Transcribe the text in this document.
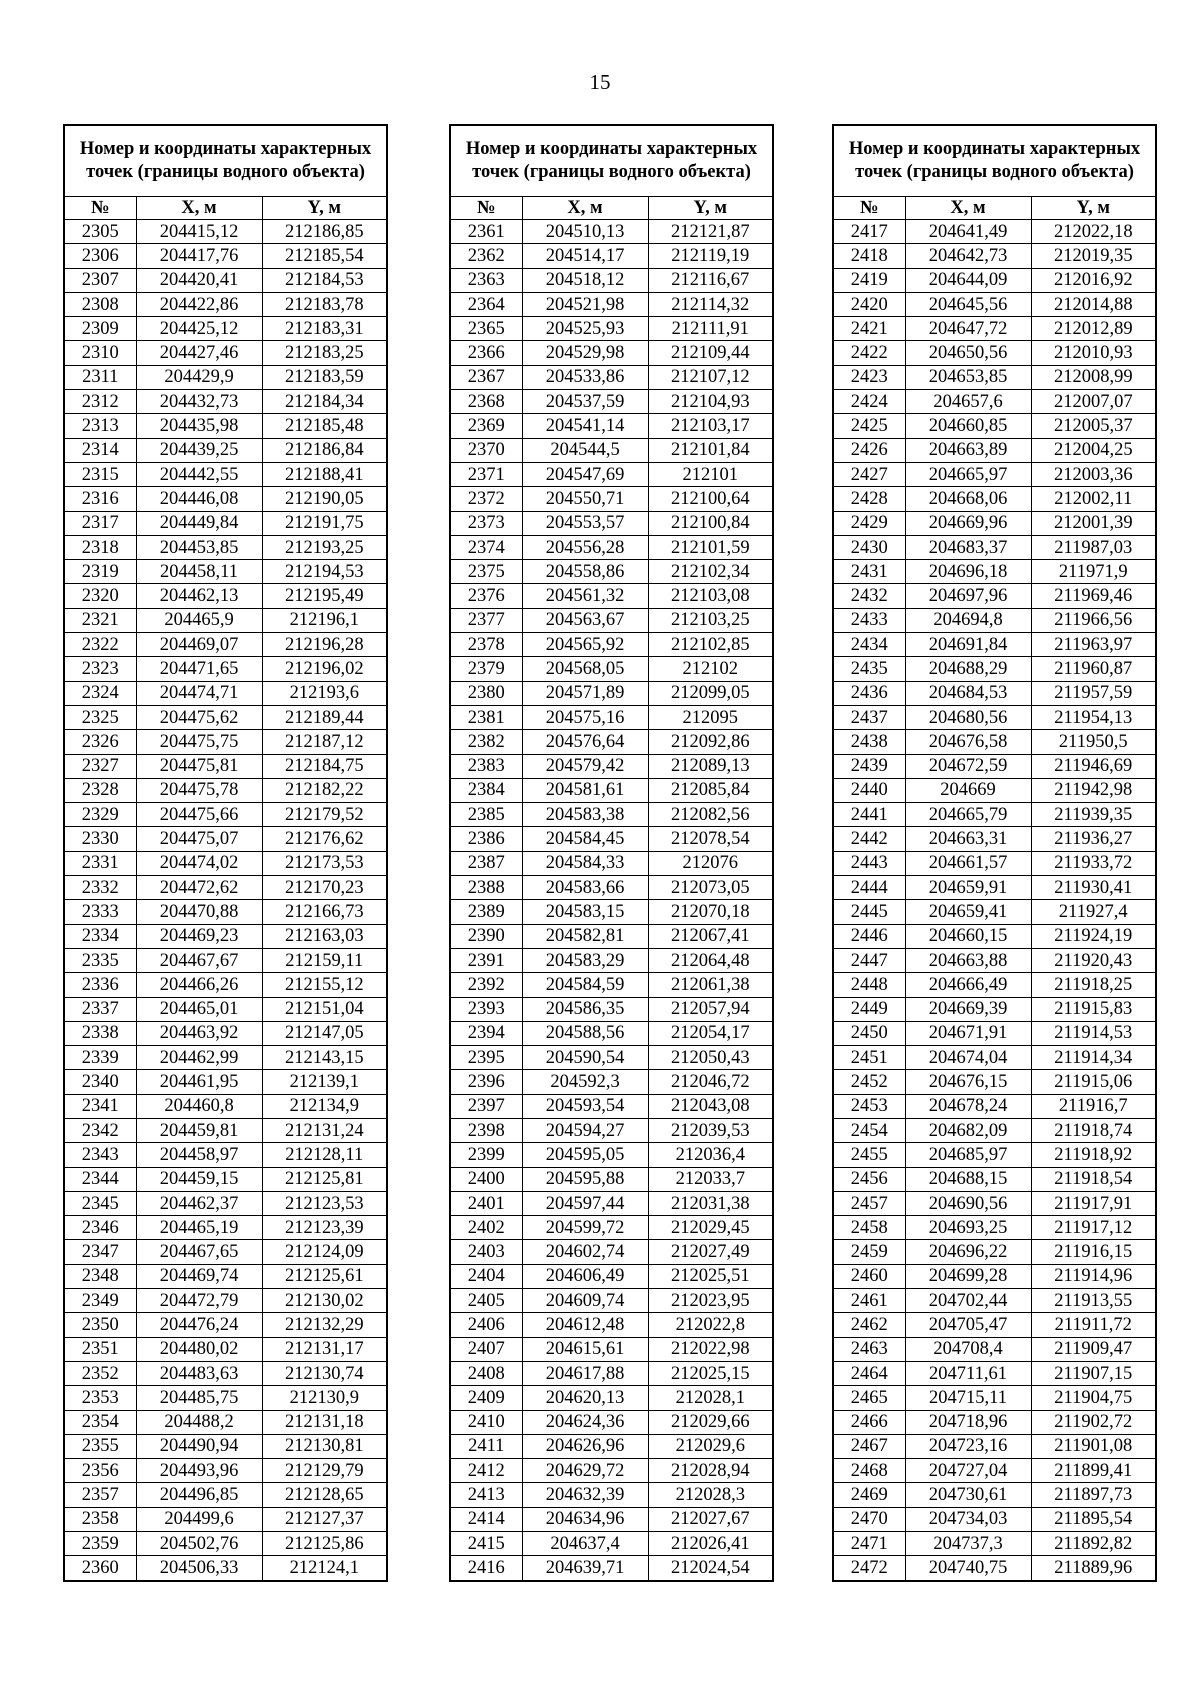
15
Номер и координаты характерных точек (границы водного объекта)		
№	X, м	Y, м
2305	204415,12	212186,85
2306	204417,76	212185,54
2307	204420,41	212184,53
2308	204422,86	212183,78
2309	204425,12	212183,31
2310	204427,46	212183,25
2311	204429,9	212183,59
2312	204432,73	212184,34
2313	204435,98	212185,48
2314	204439,25	212186,84
2315	204442,55	212188,41
2316	204446,08	212190,05
2317	204449,84	212191,75
2318	204453,85	212193,25
2319	204458,11	212194,53
2320	204462,13	212195,49
2321	204465,9	212196,1
2322	204469,07	212196,28
2323	204471,65	212196,02
2324	204474,71	212193,6
2325	204475,62	212189,44
2326	204475,75	212187,12
2327	204475,81	212184,75
2328	204475,78	212182,22
2329	204475,66	212179,52
2330	204475,07	212176,62
2331	204474,02	212173,53
2332	204472,62	212170,23
2333	204470,88	212166,73
2334	204469,23	212163,03
2335	204467,67	212159,11
2336	204466,26	212155,12
2337	204465,01	212151,04
2338	204463,92	212147,05
2339	204462,99	212143,15
2340	204461,95	212139,1
2341	204460,8	212134,9
2342	204459,81	212131,24
2343	204458,97	212128,11
2344	204459,15	212125,81
2345	204462,37	212123,53
2346	204465,19	212123,39
2347	204467,65	212124,09
2348	204469,74	212125,61
2349	204472,79	212130,02
2350	204476,24	212132,29
2351	204480,02	212131,17
2352	204483,63	212130,74
2353	204485,75	212130,9
2354	204488,2	212131,18
2355	204490,94	212130,81
2356	204493,96	212129,79
2357	204496,85	212128,65
2358	204499,6	212127,37
2359	204502,76	212125,86
2360	204506,33	212124,1
Номер и координаты характерных точек (границы водного объекта)		
№	X, м	Y, м
2361	204510,13	212121,87
2362	204514,17	212119,19
2363	204518,12	212116,67
2364	204521,98	212114,32
2365	204525,93	212111,91
2366	204529,98	212109,44
2367	204533,86	212107,12
2368	204537,59	212104,93
2369	204541,14	212103,17
2370	204544,5	212101,84
2371	204547,69	212101
2372	204550,71	212100,64
2373	204553,57	212100,84
2374	204556,28	212101,59
2375	204558,86	212102,34
2376	204561,32	212103,08
2377	204563,67	212103,25
2378	204565,92	212102,85
2379	204568,05	212102
2380	204571,89	212099,05
2381	204575,16	212095
2382	204576,64	212092,86
2383	204579,42	212089,13
2384	204581,61	212085,84
2385	204583,38	212082,56
2386	204584,45	212078,54
2387	204584,33	212076
2388	204583,66	212073,05
2389	204583,15	212070,18
2390	204582,81	212067,41
2391	204583,29	212064,48
2392	204584,59	212061,38
2393	204586,35	212057,94
2394	204588,56	212054,17
2395	204590,54	212050,43
2396	204592,3	212046,72
2397	204593,54	212043,08
2398	204594,27	212039,53
2399	204595,05	212036,4
2400	204595,88	212033,7
2401	204597,44	212031,38
2402	204599,72	212029,45
2403	204602,74	212027,49
2404	204606,49	212025,51
2405	204609,74	212023,95
2406	204612,48	212022,8
2407	204615,61	212022,98
2408	204617,88	212025,15
2409	204620,13	212028,1
2410	204624,36	212029,66
2411	204626,96	212029,6
2412	204629,72	212028,94
2413	204632,39	212028,3
2414	204634,96	212027,67
2415	204637,4	212026,41
2416	204639,71	212024,54
Номер и координаты характерных точек (границы водного объекта)		
№	X, м	Y, м
2417	204641,49	212022,18
2418	204642,73	212019,35
2419	204644,09	212016,92
2420	204645,56	212014,88
2421	204647,72	212012,89
2422	204650,56	212010,93
2423	204653,85	212008,99
2424	204657,6	212007,07
2425	204660,85	212005,37
2426	204663,89	212004,25
2427	204665,97	212003,36
2428	204668,06	212002,11
2429	204669,96	212001,39
2430	204683,37	211987,03
2431	204696,18	211971,9
2432	204697,96	211969,46
2433	204694,8	211966,56
2434	204691,84	211963,97
2435	204688,29	211960,87
2436	204684,53	211957,59
2437	204680,56	211954,13
2438	204676,58	211950,5
2439	204672,59	211946,69
2440	204669	211942,98
2441	204665,79	211939,35
2442	204663,31	211936,27
2443	204661,57	211933,72
2444	204659,91	211930,41
2445	204659,41	211927,4
2446	204660,15	211924,19
2447	204663,88	211920,43
2448	204666,49	211918,25
2449	204669,39	211915,83
2450	204671,91	211914,53
2451	204674,04	211914,34
2452	204676,15	211915,06
2453	204678,24	211916,7
2454	204682,09	211918,74
2455	204685,97	211918,92
2456	204688,15	211918,54
2457	204690,56	211917,91
2458	204693,25	211917,12
2459	204696,22	211916,15
2460	204699,28	211914,96
2461	204702,44	211913,55
2462	204705,47	211911,72
2463	204708,4	211909,47
2464	204711,61	211907,15
2465	204715,11	211904,75
2466	204718,96	211902,72
2467	204723,16	211901,08
2468	204727,04	211899,41
2469	204730,61	211897,73
2470	204734,03	211895,54
2471	204737,3	211892,82
2472	204740,75	211889,96
